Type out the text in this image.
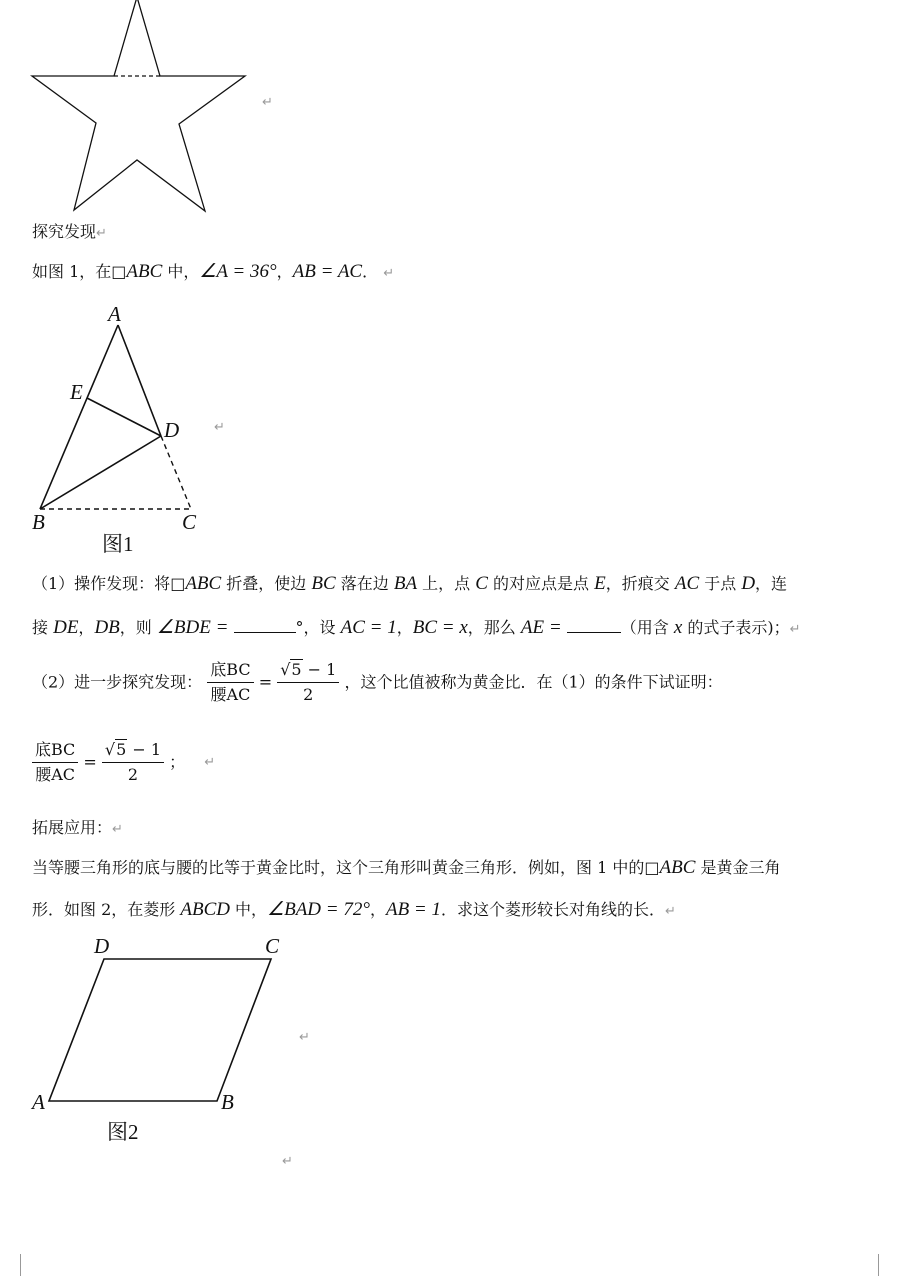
↵
探究发现↵
如图 1，在□ABC 中，∠A = 36°，AB = AC． ↵
A
E
D
B	C
图1
↵
（1）操作发现：将□ABC 折叠，使边 BC 落在边 BA 上，点 C 的对应点是点 E，折痕交 AC 于点 D，连
接 DE，DB，则 ∠BDE =	°，设 AC = 1，BC = x，那么 AE =	（用含 x 的式子表示)；↵
（2）进一步探究发现： $\frac{\text{底BC}}{\text{腰AC}} = \frac{√5 - 1}{2}$ ，这个比值被称为黄金比．在（1）的条件下试证明：
$\frac{\text{底BC}}{\text{腰AC}} = \frac{√5 - 1}{2}$ ； ↵
拓展应用：↵
当等腰三角形的底与腰的比等于黄金比时，这个三角形叫黄金三角形．例如，图 1 中的□ABC 是黄金三角
形．如图 2，在菱形 ABCD 中，∠BAD = 72°，AB = 1．求这个菱形较长对角线的长．↵
D	C
A	B
图2
↵
↵
